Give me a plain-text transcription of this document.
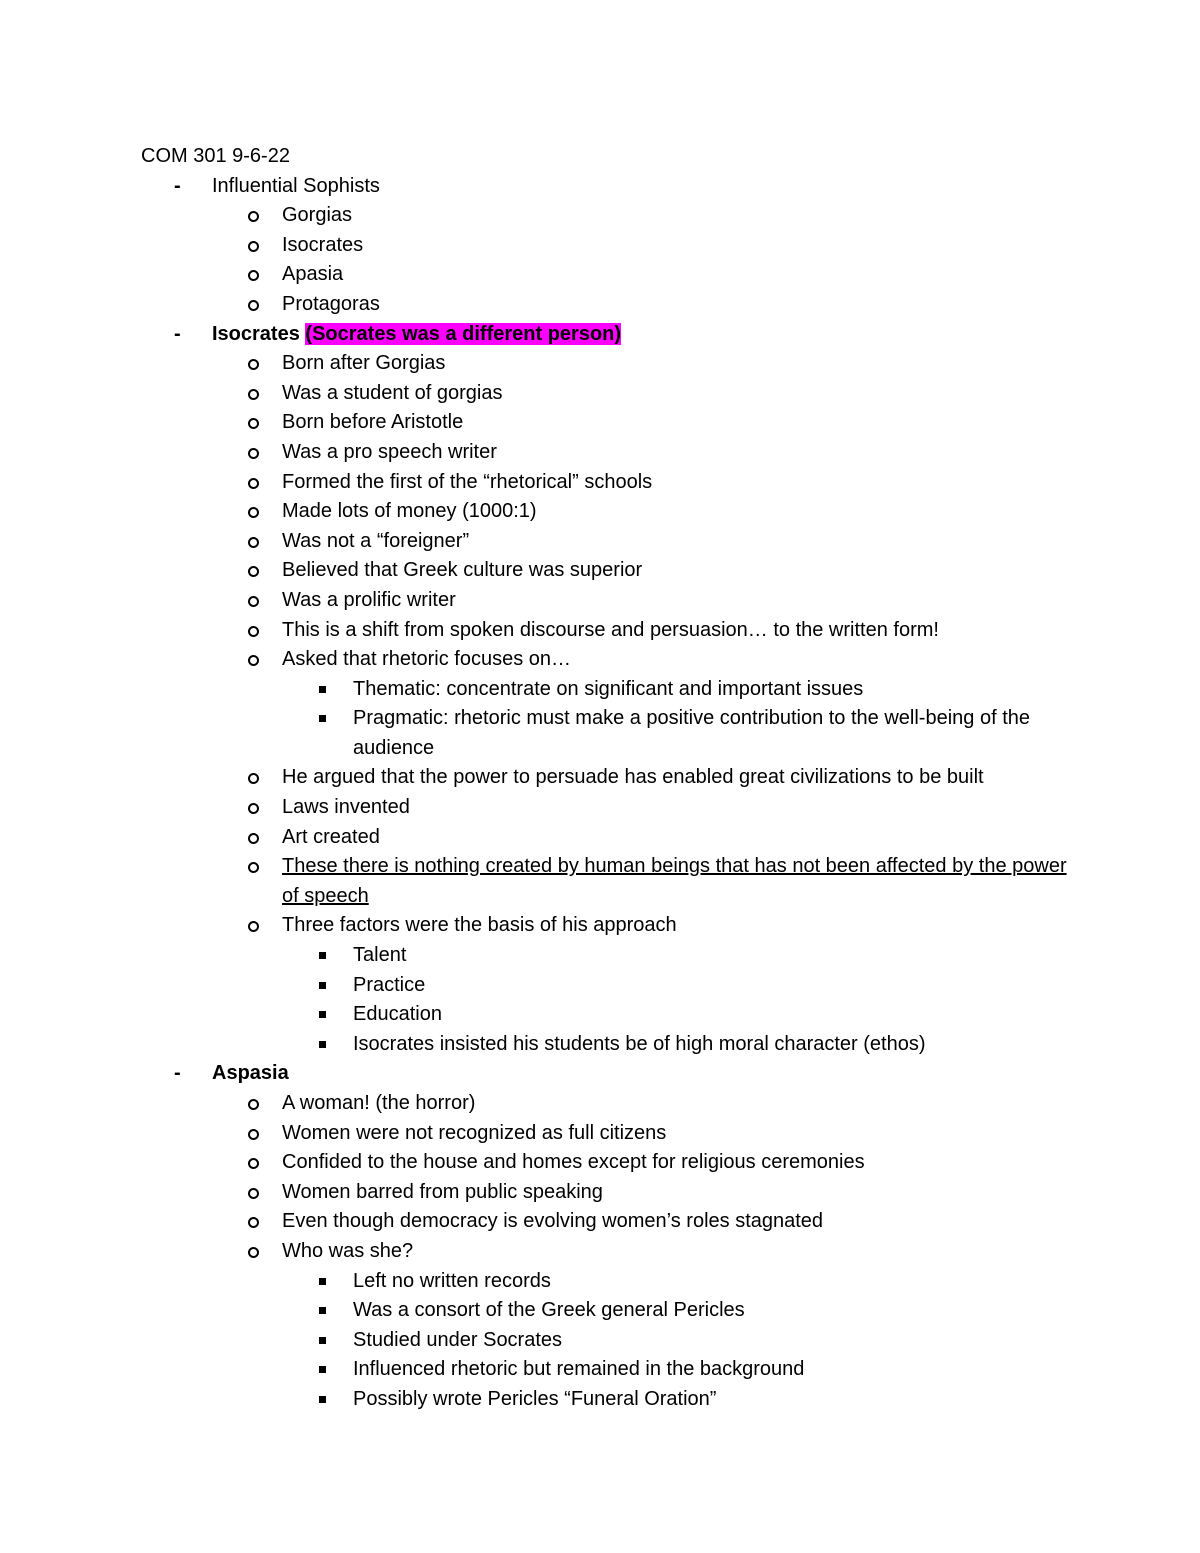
COM 301 9-6-22
- Influential Sophists
Gorgias
Isocrates
Apasia
Protagoras
- Isocrates (Socrates was a different person)
Born after Gorgias
Was a student of gorgias
Born before Aristotle
Was a pro speech writer
Formed the first of the “rhetorical” schools
Made lots of money (1000:1)
Was not a “foreigner”
Believed that Greek culture was superior
Was a prolific writer
This is a shift from spoken discourse and persuasion… to the written form!
Asked that rhetoric focuses on…
Thematic: concentrate on significant and important issues
Pragmatic: rhetoric must make a positive contribution to the well-being of the audience
He argued that the power to persuade has enabled great civilizations to be built
Laws invented
Art created
These there is nothing created by human beings that has not been affected by the power of speech
Three factors were the basis of his approach
Talent
Practice
Education
Isocrates insisted his students be of high moral character (ethos)
- Aspasia
A woman! (the horror)
Women were not recognized as full citizens
Confided to the house and homes except for religious ceremonies
Women barred from public speaking
Even though democracy is evolving women’s roles stagnated
Who was she?
Left no written records
Was a consort of the Greek general Pericles
Studied under Socrates
Influenced rhetoric but remained in the background
Possibly wrote Pericles “Funeral Oration”
